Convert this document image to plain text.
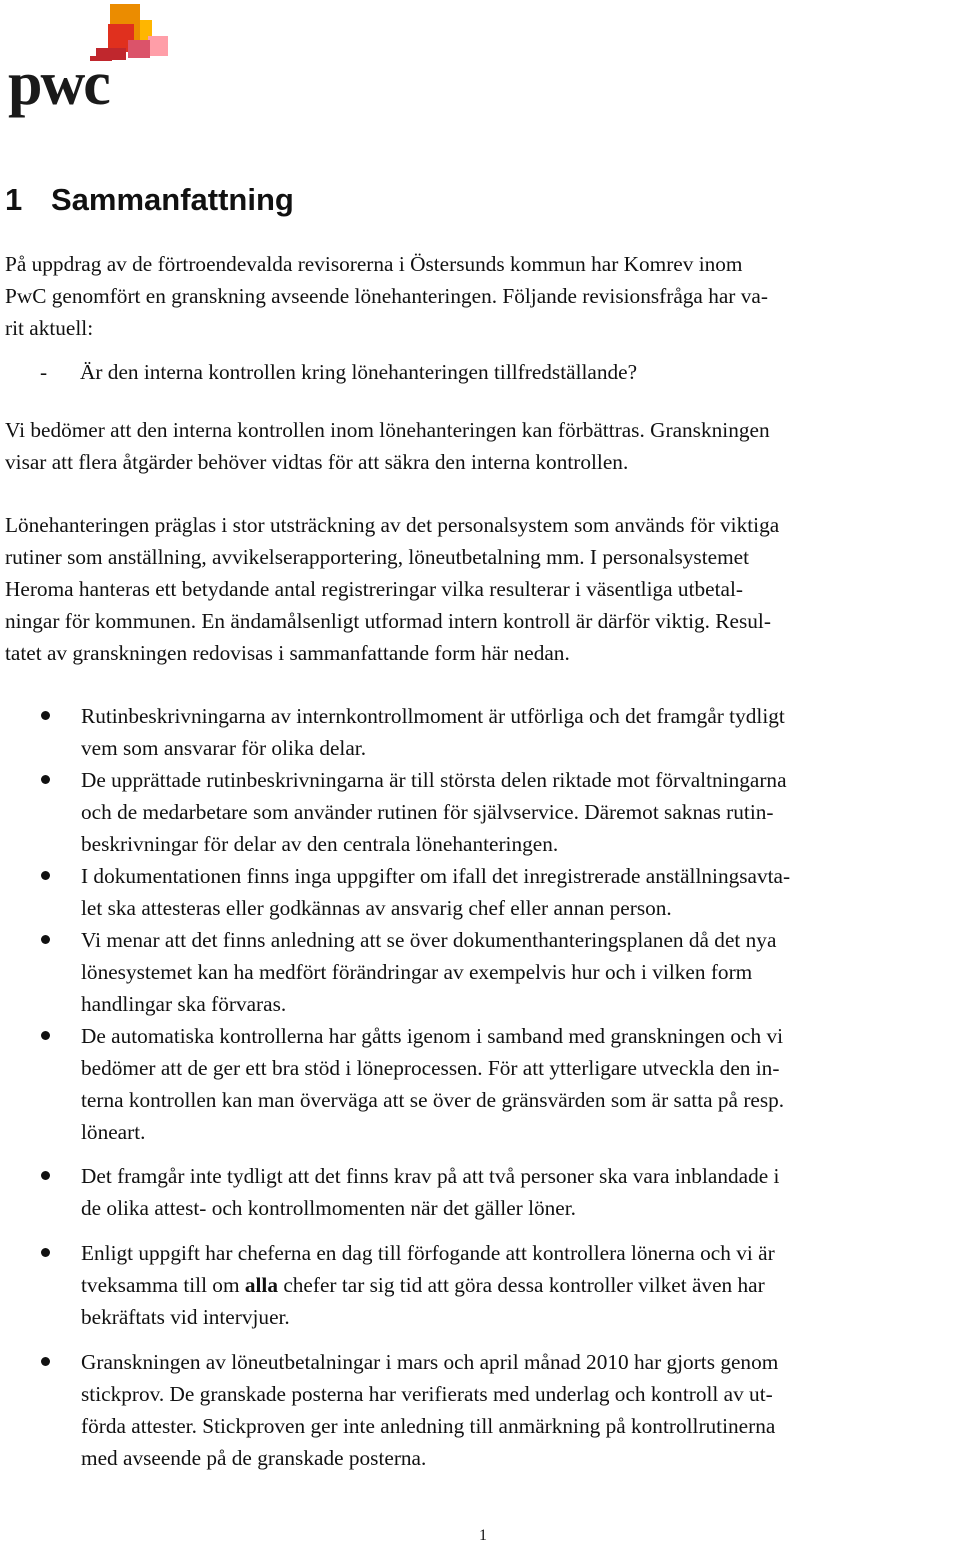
pwc
1 Sammanfattning

På uppdrag av de förtroendevalda revisorerna i Östersunds kommun har Komrev inom
PwC genomfört en granskning avseende lönehanteringen. Följande revisionsfråga har va-
rit aktuell:

- Är den interna kontrollen kring lönehanteringen tillfredställande?

Vi bedömer att den interna kontrollen inom lönehanteringen kan förbättras. Granskningen
visar att flera åtgärder behöver vidtas för att säkra den interna kontrollen.

Lönehanteringen präglas i stor utsträckning av det personalsystem som används för viktiga
rutiner som anställning, avvikelserapportering, löneutbetalning mm. I personalsystemet
Heroma hanteras ett betydande antal registreringar vilka resulterar i väsentliga utbetal-
ningar för kommunen. En ändamålsenligt utformad intern kontroll är därför viktig. Resul-
tatet av granskningen redovisas i sammanfattande form här nedan.

Rutinbeskrivningarna av internkontrollmoment är utförliga och det framgår tydligt
vem som ansvarar för olika delar.
De upprättade rutinbeskrivningarna är till största delen riktade mot förvaltningarna
och de medarbetare som använder rutinen för självservice. Däremot saknas rutin-
beskrivningar för delar av den centrala lönehanteringen.
I dokumentationen finns inga uppgifter om ifall det inregistrerade anställningsavta-
let ska attesteras eller godkännas av ansvarig chef eller annan person.
Vi menar att det finns anledning att se över dokumenthanteringsplanen då det nya
lönesystemet kan ha medfört förändringar av exempelvis hur och i vilken form
handlingar ska förvaras.
De automatiska kontrollerna har gåtts igenom i samband med granskningen och vi
bedömer att de ger ett bra stöd i löneprocessen. För att ytterligare utveckla den in-
terna kontrollen kan man överväga att se över de gränsvärden som är satta på resp.
löneart.
Det framgår inte tydligt att det finns krav på att två personer ska vara inblandade i
de olika attest- och kontrollmomenten när det gäller löner.
Enligt uppgift har cheferna en dag till förfogande att kontrollera lönerna och vi är
tveksamma till om alla chefer tar sig tid att göra dessa kontroller vilket även har
bekräftats vid intervjuer.
Granskningen av löneutbetalningar i mars och april månad 2010 har gjorts genom
stickprov. De granskade posterna har verifierats med underlag och kontroll av ut-
förda attester. Stickproven ger inte anledning till anmärkning på kontrollrutinerna
med avseende på de granskade posterna.
1
